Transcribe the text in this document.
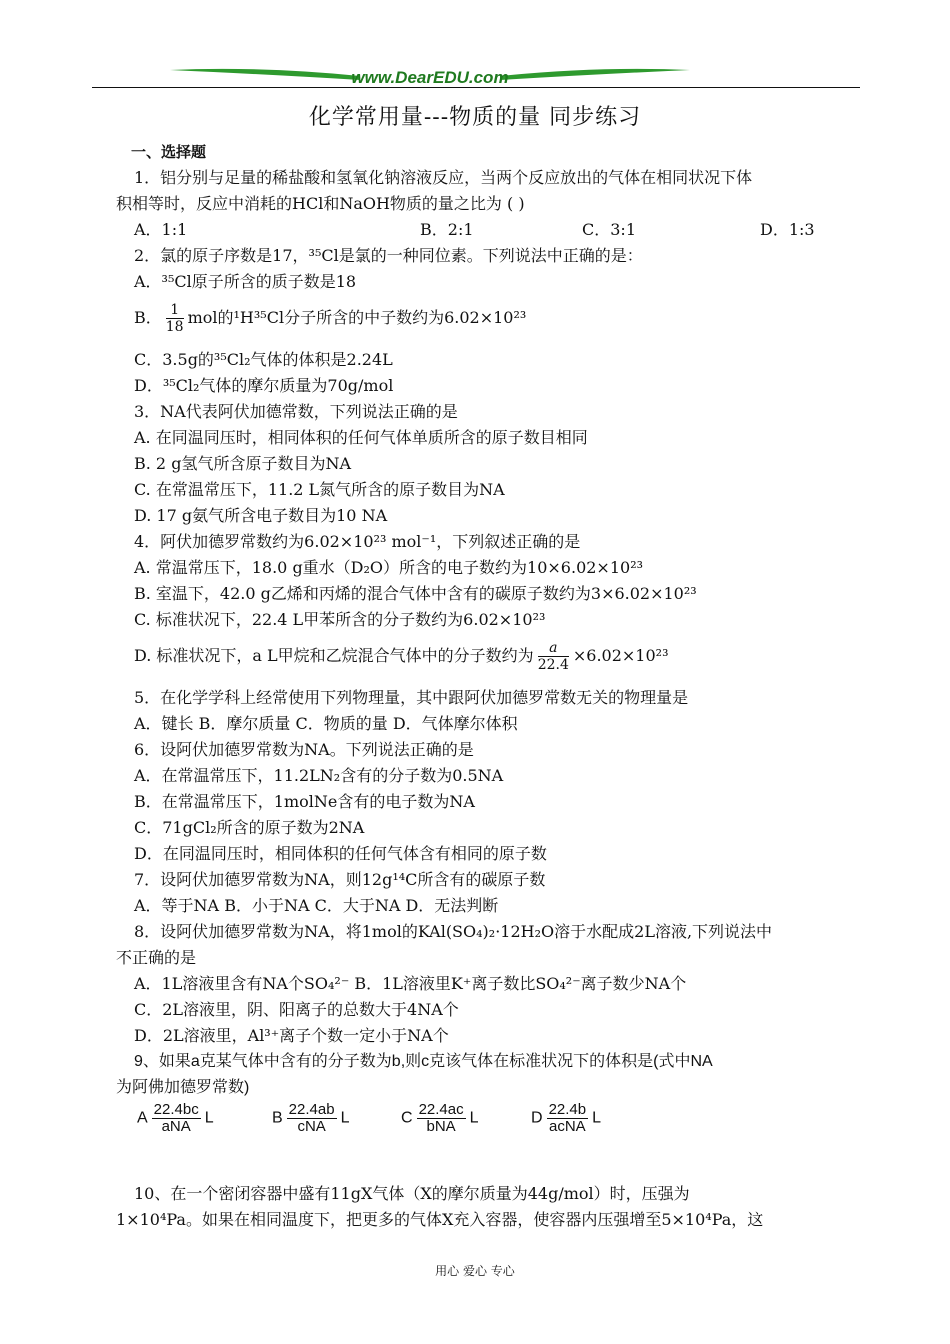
www.DearEDU.com
化学常用量---物质的量 同步练习
一、选择题
1．铝分别与足量的稀盐酸和氢氧化钠溶液反应，当两个反应放出的气体在相同状况下体
积相等时，反应中消耗的HCl和NaOH物质的量之比为 ( )
A．1:1	B．2:1	C．3:1	D．1:3
2．氯的原子序数是17，³⁵Cl是氯的一种同位素。下列说法中正确的是：
A．³⁵Cl原子所含的质子数是18
B． $\frac{1}{18}$ mol的¹H³⁵Cl分子所含的中子数约为6.02×10²³
C．3.5g的³⁵Cl₂气体的体积是2.24L
D．³⁵Cl₂气体的摩尔质量为70g/mol
3．NA代表阿伏加德常数，下列说法正确的是
A. 在同温同压时，相同体积的任何气体单质所含的原子数目相同
B. 2 g氢气所含原子数目为NA
C. 在常温常压下，11.2 L氮气所含的原子数目为NA
D. 17 g氨气所含电子数目为10 NA
4．阿伏加德罗常数约为6.02×10²³ mol⁻¹，下列叙述正确的是
A. 常温常压下，18.0 g重水（D₂O）所含的电子数约为10×6.02×10²³
B. 室温下，42.0 g乙烯和丙烯的混合气体中含有的碳原子数约为3×6.02×10²³
C. 标准状况下，22.4 L甲苯所含的分子数约为6.02×10²³
D. 标准状况下，a L甲烷和乙烷混合气体中的分子数约为 $\frac{a}{22.4} \times 6.02\times 10^{23}$
5．在化学学科上经常使用下列物理量，其中跟阿伏加德罗常数无关的物理量是
A．键长 B．摩尔质量 C．物质的量 D．气体摩尔体积
6．设阿伏加德罗常数为NA。下列说法正确的是
A．在常温常压下，11.2LN₂含有的分子数为0.5NA
B．在常温常压下，1molNe含有的电子数为NA
C．71gCl₂所含的原子数为2NA
D．在同温同压时，相同体积的任何气体含有相同的原子数
7．设阿伏加德罗常数为NA，则12g¹⁴C所含有的碳原子数
A．等于NA B．小于NA C．大于NA D．无法判断
8．设阿伏加德罗常数为NA，将1mol的KAl(SO₄)₂·12H₂O溶于水配成2L溶液,下列说法中
不正确的是
A．1L溶液里含有NA个SO₄²⁻ B．1L溶液里K⁺离子数比SO₄²⁻离子数少NA个
C．2L溶液里，阴、阳离子的总数大于4NA个
D．2L溶液里，Al³⁺离子个数一定小于NA个
9、如果a克某气体中含有的分子数为b,则c克该气体在标准状况下的体积是(式中NA
为阿佛加德罗常数)
A $\frac{22.4bc}{\text{aNA}}$ L	B $\frac{22.4ab}{\text{cNA}}$ L	C $\frac{22.4ac}{\text{bNA}}$ L	D $\frac{22.4b}{\text{acNA}}$ L
10、在一个密闭容器中盛有11gX气体（X的摩尔质量为44g/mol）时，压强为
1×10⁴Pa。如果在相同温度下，把更多的气体X充入容器，使容器内压强增至5×10⁴Pa，这
用心 爱心 专心
